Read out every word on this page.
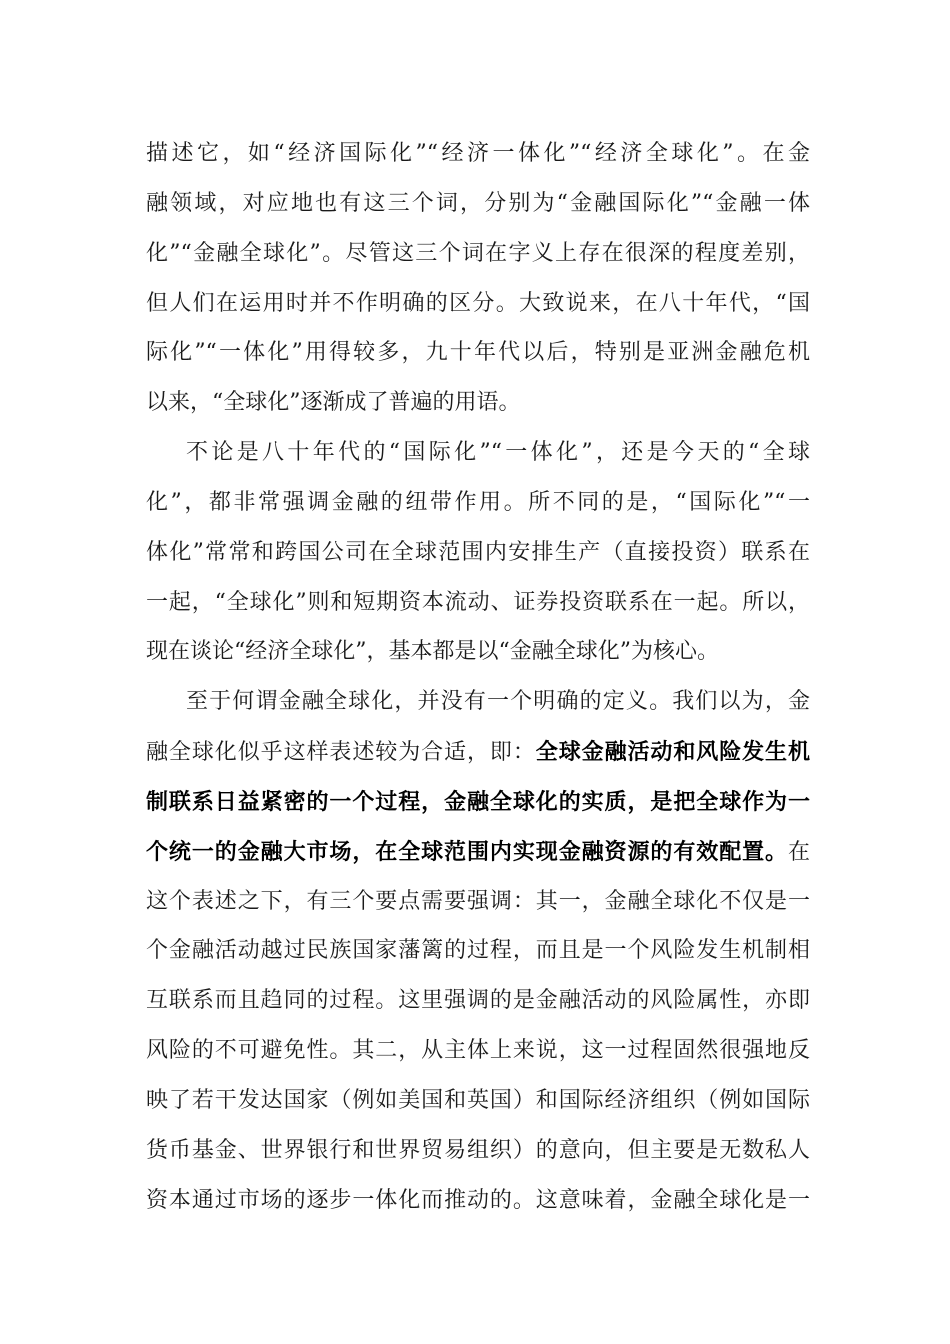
描述它，如“经济国际化”“经济一体化”“经济全球化”。在金
融领域，对应地也有这三个词，分别为“金融国际化”“金融一体
化”“金融全球化”。尽管这三个词在字义上存在很深的程度差别，
但人们在运用时并不作明确的区分。大致说来，在八十年代，“国
际化”“一体化”用得较多，九十年代以后，特别是亚洲金融危机
以来，“全球化”逐渐成了普遍的用语。
不论是八十年代的“国际化”“一体化”，还是今天的“全球
化”，都非常强调金融的纽带作用。所不同的是，“国际化”“一
体化”常常和跨国公司在全球范围内安排生产（直接投资）联系在
一起，“全球化”则和短期资本流动、证券投资联系在一起。所以，
现在谈论“经济全球化”，基本都是以“金融全球化”为核心。
至于何谓金融全球化，并没有一个明确的定义。我们以为，金
融全球化似乎这样表述较为合适，即：全球金融活动和风险发生机
制联系日益紧密的一个过程，金融全球化的实质，是把全球作为一
个统一的金融大市场，在全球范围内实现金融资源的有效配置。在
这个表述之下，有三个要点需要强调：其一，金融全球化不仅是一
个金融活动越过民族国家藩篱的过程，而且是一个风险发生机制相
互联系而且趋同的过程。这里强调的是金融活动的风险属性，亦即
风险的不可避免性。其二，从主体上来说，这一过程固然很强地反
映了若干发达国家（例如美国和英国）和国际经济组织（例如国际
货币基金、世界银行和世界贸易组织）的意向，但主要是无数私人
资本通过市场的逐步一体化而推动的。这意味着，金融全球化是一
